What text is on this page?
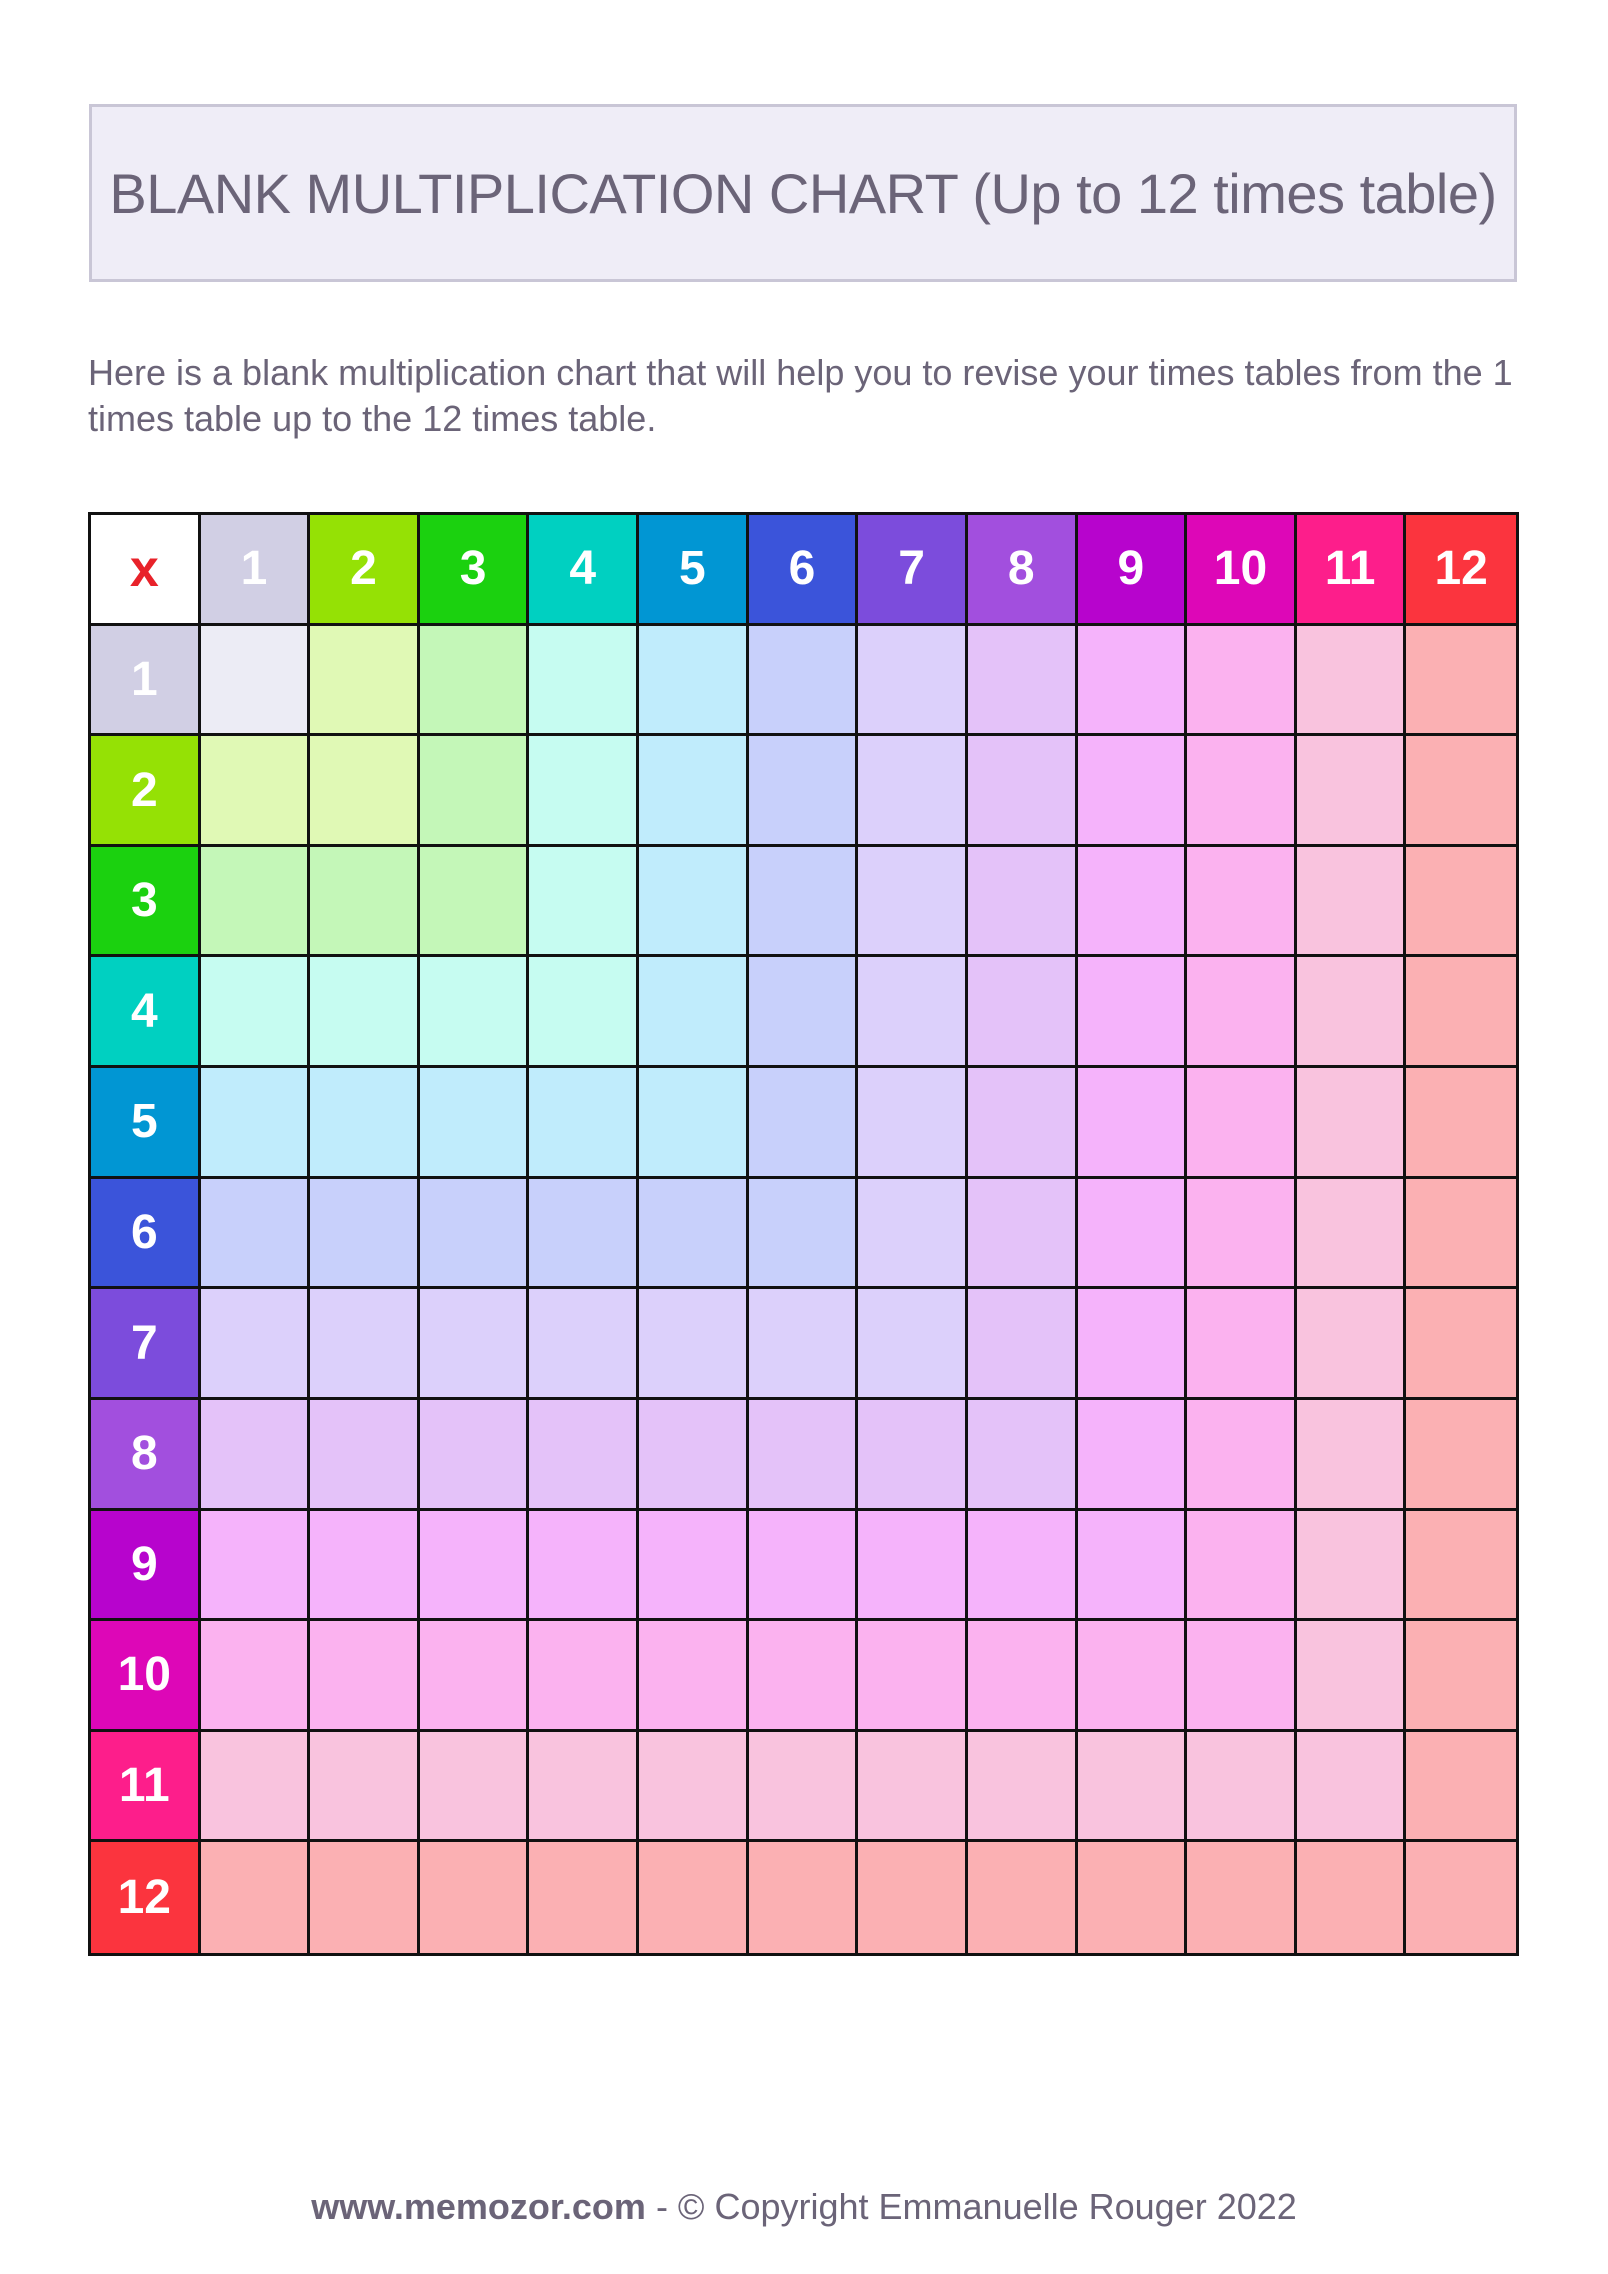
BLANK MULTIPLICATION CHART (Up to 12 times table)

Here is a blank multiplication chart that will help you to revise your times tables from the 1 times table up to the 12 times table.

x	1	2	3	4	5	6	7	8	9	10	11	12
1
2
3
4
5
6
7
8
9
10
11
12

www.memozor.com - © Copyright Emmanuelle Rouger 2022
